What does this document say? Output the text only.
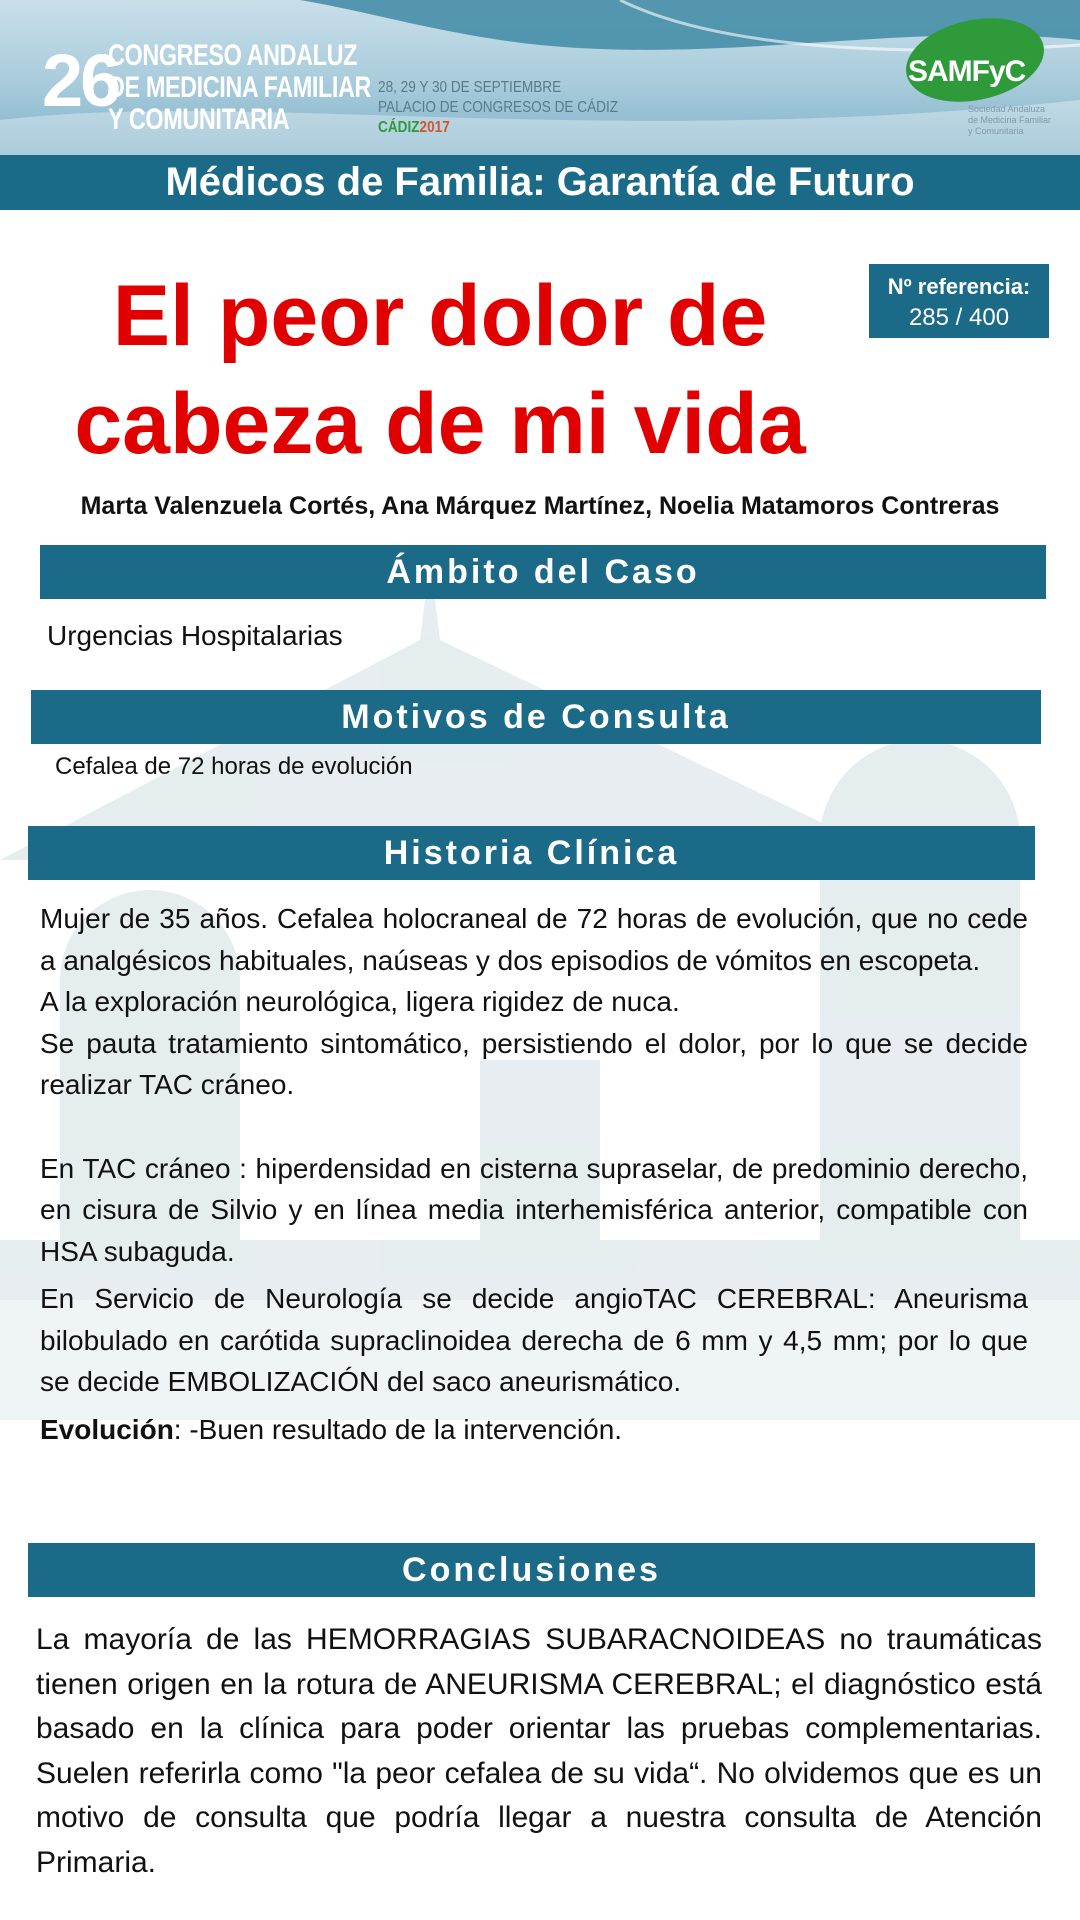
26
CONGRESO ANDALUZ
DE MEDICINA FAMILIAR
Y COMUNITARIA
28, 29 Y 30 DE SEPTIEMBRE
PALACIO DE CONGRESOS DE CÁDIZ
CÁDIZ2017
SAMFyC
Sociedad Andaluza
de Medicina Familiar
y Comunitaria
Médicos de Familia: Garantía de Futuro
El peor dolor de cabeza de mi vida
Nº referencia:
285 / 400
Marta Valenzuela Cortés, Ana Márquez Martínez, Noelia Matamoros Contreras
Ámbito del Caso
Urgencias Hospitalarias
Motivos de Consulta
Cefalea de 72 horas de evolución
Historia Clínica

Mujer de 35 años. Cefalea holocraneal de 72 horas de evolución, que no cede a analgésicos habituales, naúseas y dos episodios de vómitos en escopeta.

A la exploración neurológica, ligera rigidez de nuca.

Se pauta tratamiento sintomático, persistiendo el dolor, por lo que se decide realizar TAC cráneo.

En TAC cráneo : hiperdensidad en cisterna supraselar, de predominio derecho, en cisura de Silvio y en línea media interhemisférica anterior, compatible con HSA subaguda.

En Servicio de Neurología se decide angioTAC CEREBRAL: Aneurisma bilobulado en carótida supraclinoidea derecha de 6 mm y 4,5 mm; por lo que se decide EMBOLIZACIÓN del saco aneurismático.

Evolución: -Buen resultado de la intervención.

Conclusiones

La mayoría de las HEMORRAGIAS SUBARACNOIDEAS no traumáticas tienen origen en la rotura de ANEURISMA CEREBRAL; el diagnóstico está basado en la clínica para poder orientar las pruebas complementarias. Suelen referirla como "la peor cefalea de su vida“. No olvidemos que es un motivo de consulta que podría llegar a nuestra consulta de Atención Primaria.
